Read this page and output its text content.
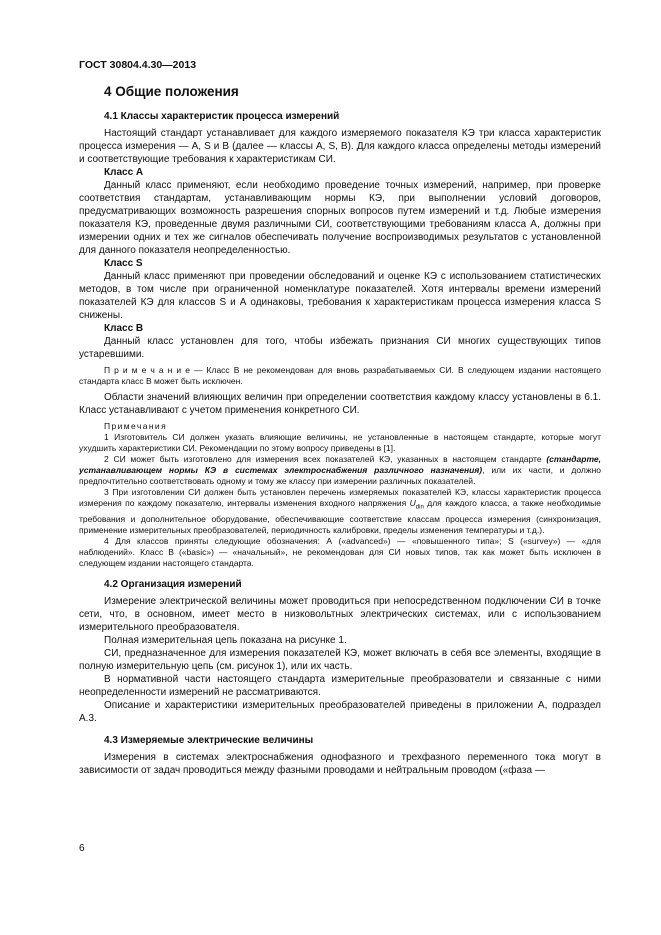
ГОСТ 30804.4.30—2013

4 Общие положения

4.1 Классы характеристик процесса измерений

Настоящий стандарт устанавливает для каждого измеряемого показателя КЭ три класса характеристик процесса измерения — А, S и В (далее — классы А, S, В). Для каждого класса определены методы измерений и соответствующие требования к характеристикам СИ.

Класс А

Данный класс применяют, если необходимо проведение точных измерений, например, при проверке соответствия стандартам, устанавливающим нормы КЭ, при выполнении условий договоров, предусматривающих возможность разрешения спорных вопросов путем измерений и т.д. Любые измерения показателя КЭ, проведенные двумя различными СИ, соответствующими требованиям класса А, должны при измерении одних и тех же сигналов обеспечивать получение воспроизводимых результатов с установленной для данного показателя неопределенностью.

Класс S

Данный класс применяют при проведении обследований и оценке КЭ с использованием статистических методов, в том числе при ограниченной номенклатуре показателей. Хотя интервалы времени измерений показателей КЭ для классов S и А одинаковы, требования к характеристикам процесса измерения класса S снижены.

Класс В

Данный класс установлен для того, чтобы избежать признания СИ многих существующих типов устаревшими.

П р и м е ч а н и е — Класс В не рекомендован для вновь разрабатываемых СИ. В следующем издании настоящего стандарта класс В может быть исключен.

Области значений влияющих величин при определении соответствия каждому классу установлены в 6.1. Класс устанавливают с учетом применения конкретного СИ.

Примечания

1 Изготовитель СИ должен указать влияющие величины, не установленные в настоящем стандарте, которые могут ухудшить характеристики СИ. Рекомендации по этому вопросу приведены в [1].

2 СИ может быть изготовлено для измерения всех показателей КЭ, указанных в настоящем стандарте (стандарте, устанавливающем нормы КЭ в системах электроснабжения различного назначения), или их части, и должно предпочтительно соответствовать одному и тому же классу при измерении различных показателей.

3 При изготовлении СИ должен быть установлен перечень измеряемых показателей КЭ, классы характеристик процесса измерения по каждому показателю, интервалы изменения входного напряжения $U_{din}$ для каждого класса, а также необходимые требования и дополнительное оборудование, обеспечивающие соответствие классам процесса измерения (синхронизация, применение измерительных преобразователей, периодичность калибровки, пределы изменения температуры и т.д.).

4 Для классов приняты следующие обозначения: А («advanced») — «повышенного типа»; S («survey») — «для наблюдений». Класс В («basic») — «начальный», не рекомендован для СИ новых типов, так как может быть исключен в следующем издании настоящего стандарта.

4.2 Организация измерений

Измерение электрической величины может проводиться при непосредственном подключении СИ в точке сети, что, в основном, имеет место в низковольтных электрических системах, или с использованием измерительного преобразователя.

Полная измерительная цепь показана на рисунке 1.

СИ, предназначенное для измерения показателей КЭ, может включать в себя все элементы, входящие в полную измерительную цепь (см. рисунок 1), или их часть.

В нормативной части настоящего стандарта измерительные преобразователи и связанные с ними неопределенности измерений не рассматриваются.

Описание и характеристики измерительных преобразователей приведены в приложении А, подраздел А.3.

4.3 Измеряемые электрические величины

Измерения в системах электроснабжения однофазного и трехфазного переменного тока могут в зависимости от задач проводиться между фазными проводами и нейтральным проводом («фаза —

6
